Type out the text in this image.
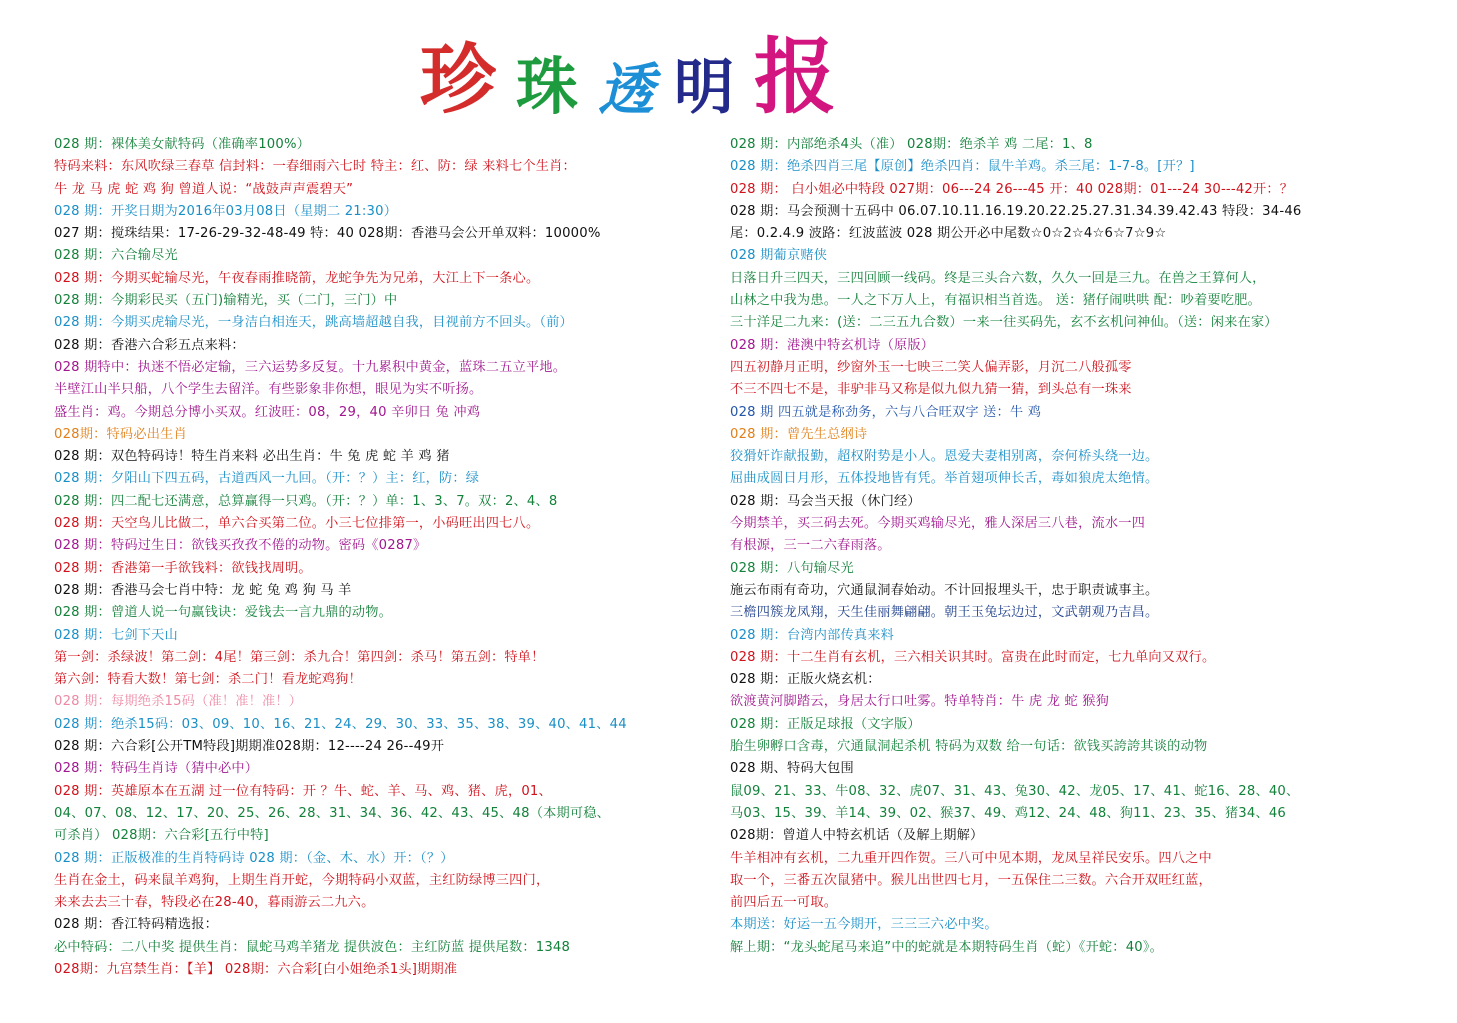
珍 珠 透 明 报
028 期：裸体美女献特码（准确率100%）
特码来料：东风吹绿三春草 信封料：一春细雨六七时 特主：红、防：绿 来料七个生肖：
牛 龙 马 虎 蛇 鸡 狗 曾道人说：“战鼓声声震碧天”
028 期：开奖日期为2016年03月08日（星期二 21:30）
027 期：搅珠结果：17-26-29-32-48-49 特：40 028期：香港马会公开单双料：10000%
028 期：六合输尽光
028 期：今期买蛇输尽光，午夜春雨推晓箭，龙蛇争先为兄弟，大江上下一条心。
028 期：今期彩民买（五门)输精光，买（二门，三门）中
028 期：今期买虎输尽光，一身洁白相连天，跳高墙超越自我，目视前方不回头。（前）
028 期：香港六合彩五点来料：
028 期特中：执迷不悟必定输，三六运势多反复。十九累积中黄金，蓝珠二五立平地。
半壁江山半只船，八个学生去留洋。有些影象非你想，眼见为实不听扬。
盛生肖：鸡。今期总分博小买双。红波旺：08，29，40 辛卯日 兔 冲鸡
028期：特码必出生肖
028 期：双色特码诗！特生肖来料 必出生肖：牛 兔 虎 蛇 羊 鸡 猪
028 期：夕阳山下四五码，古道西风一九回。（开：？）主：红，防：绿
028 期：四二配七还满意，总算赢得一只鸡。（开：？）单：1、3、7。双：2、4、8
028 期：天空鸟儿比做二，单六合买第二位。小三七位排第一，小码旺出四七八。
028 期：特码过生日：欲钱买孜孜不倦的动物。密码《0287》
028 期：香港第一手欲钱料：欲钱找周明。
028 期：香港马会七肖中特：龙 蛇 兔 鸡 狗 马 羊
028 期：曾道人说一句赢钱诀：爱钱去一言九鼎的动物。
028 期：七剑下天山
第一剑：杀绿波！第二剑：4尾！第三剑：杀九合！第四剑：杀马！第五剑：特单！
第六剑：特看大数！第七剑：杀二门！看龙蛇鸡狗！
028 期：每期绝杀15码（准！准！准！）
028 期：绝杀15码：03、09、10、16、21、24、29、30、33、35、38、39、40、41、44
028 期：六合彩[公开TM特段]期期准028期：12----24 26--49开
028 期：特码生肖诗（猜中必中）
028 期：英雄原本在五湖 过一位有特码：开 ？牛、蛇、羊、马、鸡、猪、虎，01、
04、07、08、12、17、20、25、26、28、31、34、36、42、43、45、48（本期可稳、
可杀肖） 028期：六合彩[五行中特]
028 期：正版极准的生肖特码诗 028 期：（金、木、水）开：（？）
生肖在金土，码来鼠羊鸡狗，上期生肖开蛇，今期特码小双蓝，主红防绿博三四门，
来来去去三十春，特段必在28-40，暮雨游云二九六。
028 期：香江特码精选报：
必中特码：二八中奖 提供生肖：鼠蛇马鸡羊猪龙 提供波色：主红防蓝 提供尾数：1348
028期：九宫禁生肖：【羊】 028期：六合彩[白小姐绝杀1头]期期准
028 期：内部绝杀4头（准） 028期：绝杀羊 鸡 二尾：1、8
028 期：绝杀四肖三尾【原创】绝杀四肖：鼠牛羊鸡。杀三尾：1-7-8。[开？]
028 期： 白小姐必中特段 027期：06---24 26---45 开：40 028期：01---24 30---42开：？
028 期：马会预测十五码中 06.07.10.11.16.19.20.22.25.27.31.34.39.42.43 特段：34-46
尾：0.2.4.9 波路：红波蓝波 028 期公开必中尾数☆0☆2☆4☆6☆7☆9☆
028 期葡京赌侠
日落日升三四天，三四回顾一线码。终是三头合六数，久久一回是三九。在兽之王算何人，
山林之中我为患。一人之下万人上，有福识相当首选。 送：猪仔闹哄哄 配：吵着要吃肥。
三十洋足二九来：(送：二三五九合数）一来一往买码先，玄不玄机问神仙。（送：闲来在家）
028 期：港澳中特玄机诗（原版）
四五初静月正明，纱窗外玉一七映三二笑人偏弄影，月沉二八般孤零
不三不四七不是，非驴非马又称是似九似九猜一猜，到头总有一珠来
028 期 四五就是称劲务，六与八合旺双字 送：牛 鸡
028 期：曾先生总纲诗
狡猾奸诈献报勤，超权附势是小人。恩爱夫妻相别离，奈何桥头绕一边。
屈曲成圆日月形，五体投地皆有凭。举首翅项伸长舌，毒如狼虎太绝情。
028 期：马会当天报（休门经）
今期禁羊，买三码去死。今期买鸡输尽光，雅人深居三八巷，流水一四
有根源，三一二六春雨落。
028 期：八句输尽光
施云布雨有奇功，穴通鼠洞春始动。不计回报埋头干，忠于职责诚事主。
三檐四簇龙凤翔，天生佳丽舞翩翩。朝王玉兔坛边过，文武朝观乃吉昌。
028 期：台湾内部传真来料
028 期：十二生肖有玄机，三六相关识其时。富贵在此时而定，七九单向又双行。
028 期：正版火烧玄机：
欲渡黄河脚踏云，身居太行口吐雾。特单特肖：牛 虎 龙 蛇 猴狗
028 期：正版足球报（文字版）
胎生卵孵口含毒，穴通鼠洞起杀机 特码为双数 给一句话：欲钱买誇誇其谈的动物
028 期、特码大包围
鼠09、21、33、牛08、32、虎07、31、43、兔30、42、龙05、17、41、蛇16、28、40、
马03、15、39、羊14、39、02、猴37、49、鸡12、24、48、狗11、23、35、猪34、46
028期：曾道人中特玄机话（及解上期解）
牛羊相冲有玄机，二九重开四作贺。三八可中见本期，龙凤呈祥民安乐。四八之中
取一个，三番五次鼠猪中。猴儿出世四七月，一五保住二三数。六合开双旺红蓝，
前四后五一可取。
本期送：好运一五今期开，三三三六必中奖。
解上期：“龙头蛇尾马来追”中的蛇就是本期特码生肖（蛇）《开蛇：40》。
